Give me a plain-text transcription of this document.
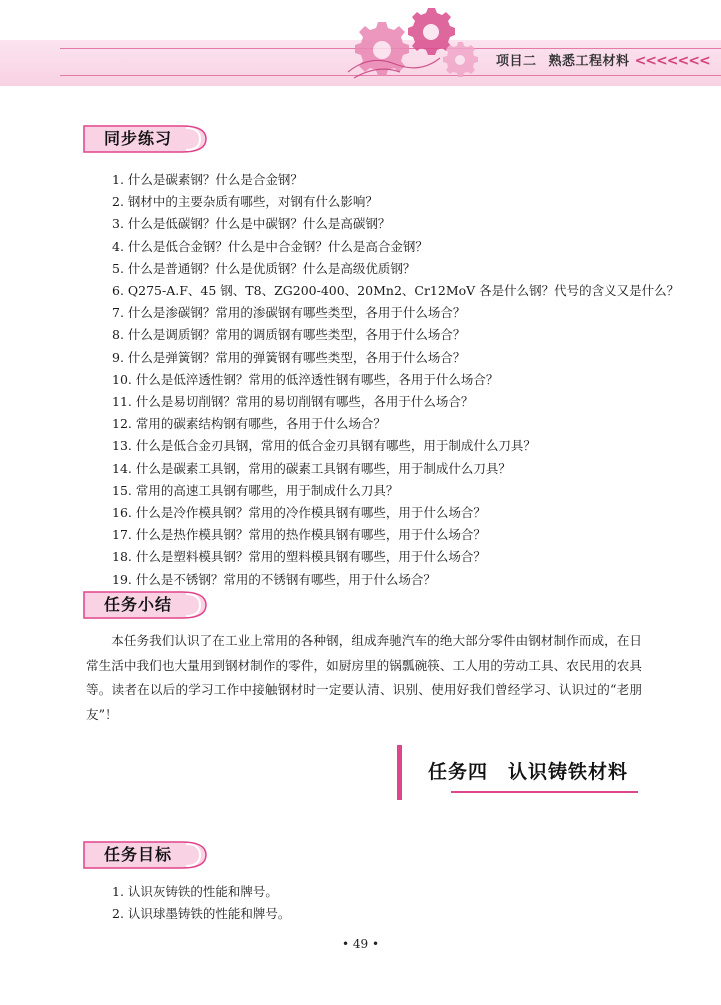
项目二 熟悉工程材料 <<<<<<<
同步练习
1. 什么是碳素钢？什么是合金钢？
2. 钢材中的主要杂质有哪些，对钢有什么影响？
3. 什么是低碳钢？什么是中碳钢？什么是高碳钢？
4. 什么是低合金钢？什么是中合金钢？什么是高合金钢？
5. 什么是普通钢？什么是优质钢？什么是高级优质钢？
6. Q275-A.F、45 钢、T8、ZG200-400、20Mn2、Cr12MoV 各是什么钢？代号的含义又是什么？
7. 什么是渗碳钢？常用的渗碳钢有哪些类型，各用于什么场合？
8. 什么是调质钢？常用的调质钢有哪些类型，各用于什么场合？
9. 什么是弹簧钢？常用的弹簧钢有哪些类型，各用于什么场合？
10. 什么是低淬透性钢？常用的低淬透性钢有哪些，各用于什么场合？
11. 什么是易切削钢？常用的易切削钢有哪些，各用于什么场合？
12. 常用的碳素结构钢有哪些，各用于什么场合？
13. 什么是低合金刃具钢，常用的低合金刃具钢有哪些，用于制成什么刀具？
14. 什么是碳素工具钢，常用的碳素工具钢有哪些，用于制成什么刀具？
15. 常用的高速工具钢有哪些，用于制成什么刀具？
16. 什么是冷作模具钢？常用的冷作模具钢有哪些，用于什么场合？
17. 什么是热作模具钢？常用的热作模具钢有哪些，用于什么场合？
18. 什么是塑料模具钢？常用的塑料模具钢有哪些，用于什么场合？
19. 什么是不锈钢？常用的不锈钢有哪些，用于什么场合？
任务小结

本任务我们认识了在工业上常用的各种钢，组成奔驰汽车的绝大部分零件由钢材制作而成，在日常生活中我们也大量用到钢材制作的零件，如厨房里的锅瓢碗筷、工人用的劳动工具、农民用的农具等。读者在以后的学习工作中接触钢材时一定要认清、识别、使用好我们曾经学习、认识过的“老朋友”！

任务四 认识铸铁材料
任务目标
1. 认识灰铸铁的性能和牌号。
2. 认识球墨铸铁的性能和牌号。
• 49 •
